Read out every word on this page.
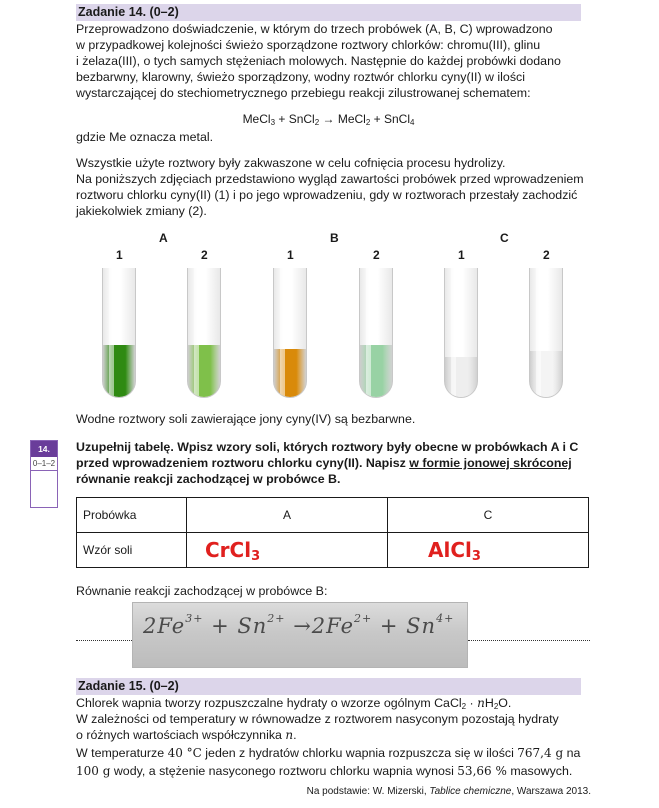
Zadanie 14. (0–2)
Przeprowadzono doświadczenie, w którym do trzech probówek (A, B, C) wprowadzono
w przypadkowej kolejności świeżo sporządzone roztwory chlorków: chromu(III), glinu
i żelaza(III), o tych samych stężeniach molowych. Następnie do każdej probówki dodano
bezbarwny, klarowny, świeżo sporządzony, wodny roztwór chlorku cyny(II) w ilości
wystarczającej do stechiometrycznego przebiegu reakcji zilustrowanej schematem:
MeCl$_3$ + SnCl$_2$ → MeCl$_2$ + SnCl$_4$
gdzie Me oznacza metal.
Wszystkie użyte roztwory były zakwaszone w celu cofnięcia procesu hydrolizy.
Na poniższych zdjęciach przedstawiono wygląd zawartości probówek przed wprowadzeniem
roztworu chlorku cyny(II) (1) i po jego wprowadzeniu, gdy w roztworach przestały zachodzić
jakiekolwiek zmiany (2).
A	B	C
1	2	1	2	1	2
Wodne roztwory soli zawierające jony cyny(IV) są bezbarwne.
14.
0–1–2
Uzupełnij tabelę. Wpisz wzory soli, których roztwory były obecne w probówkach A i C
przed wprowadzeniem roztworu chlorku cyny(II). Napisz w formie jonowej skróconej
równanie reakcji zachodzącej w probówce B.
Probówka	A	C
Wzór soli	CrCl$_3$	AlCl$_3$
Równanie reakcji zachodzącej w probówce B:
$2Fe^{3+} + Sn^{2+} \to 2Fe^{2+} + Sn^{4+}$
Zadanie 15. (0–2)
Chlorek wapnia tworzy rozpuszczalne hydraty o wzorze ogólnym CaCl$_2$ · $nH_2O$.
W zależności od temperatury w równowadze z roztworem nasyconym pozostają hydraty
o różnych wartościach współczynnika n.
W temperaturze 40 °C jeden z hydratów chlorku wapnia rozpuszcza się w ilości 767,4 g na
100 g wody, a stężenie nasyconego roztworu chlorku wapnia wynosi 53,66 % masowych.
Na podstawie: W. Mizerski, Tablice chemiczne, Warszawa 2013.
